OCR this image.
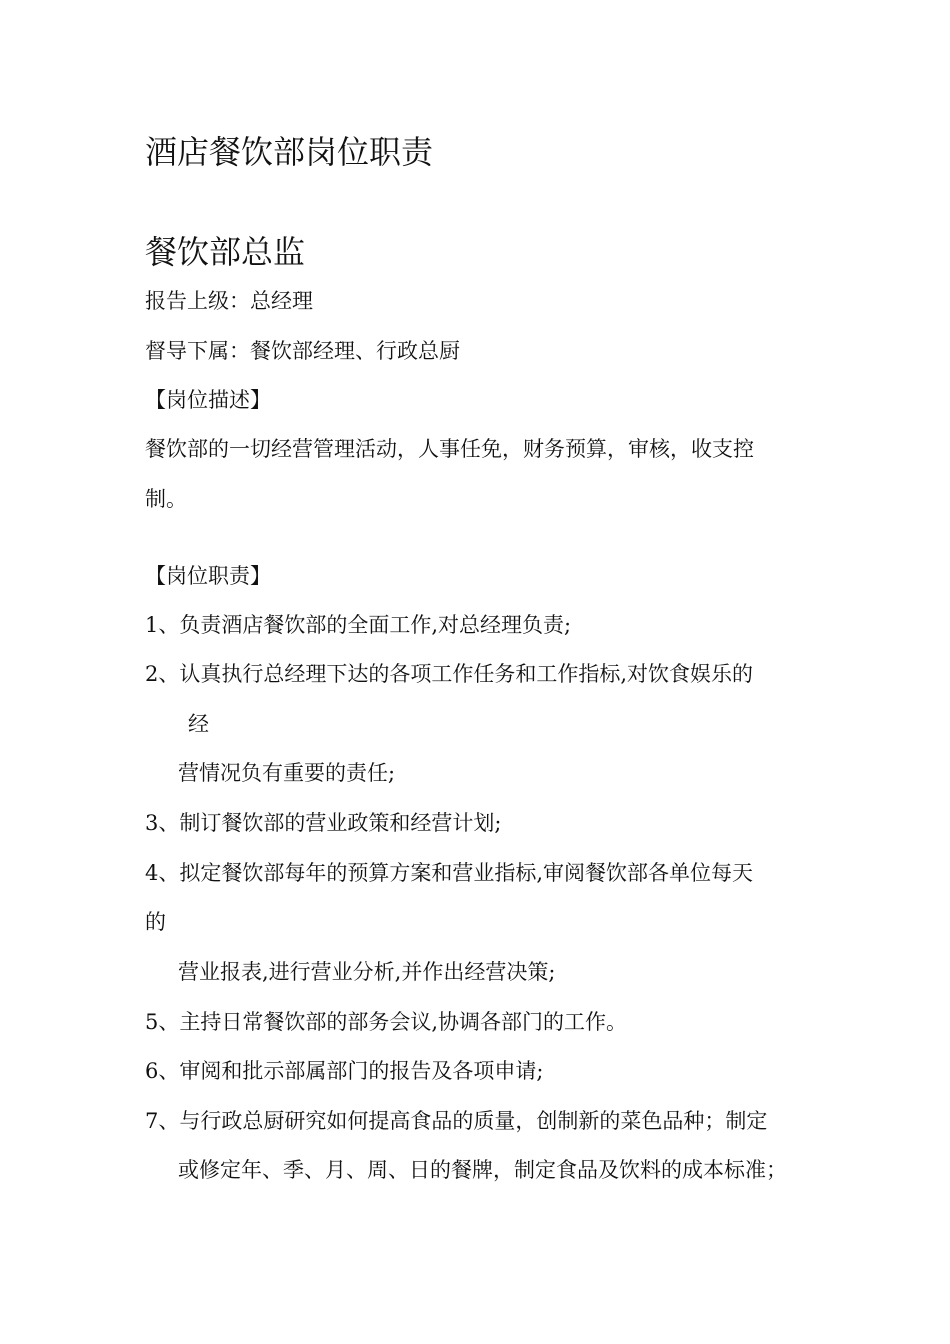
酒店餐饮部岗位职责
餐饮部总监
报告上级：总经理
督导下属：餐饮部经理、行政总厨
【岗位描述】
餐饮部的一切经营管理活动，人事任免，财务预算，审核，收支控
制。
【岗位职责】
1、负责酒店餐饮部的全面工作,对总经理负责;
2、认真执行总经理下达的各项工作任务和工作指标,对饮食娱乐的
经
营情况负有重要的责任;
3、制订餐饮部的营业政策和经营计划;
4、拟定餐饮部每年的预算方案和营业指标,审阅餐饮部各单位每天
的
营业报表,进行营业分析,并作出经营决策;
5、主持日常餐饮部的部务会议,协调各部门的工作。
6、审阅和批示部属部门的报告及各项申请;
7、与行政总厨研究如何提高食品的质量，创制新的菜色品种；制定
或修定年、季、月、周、日的餐牌，制定食品及饮料的成本标准；
